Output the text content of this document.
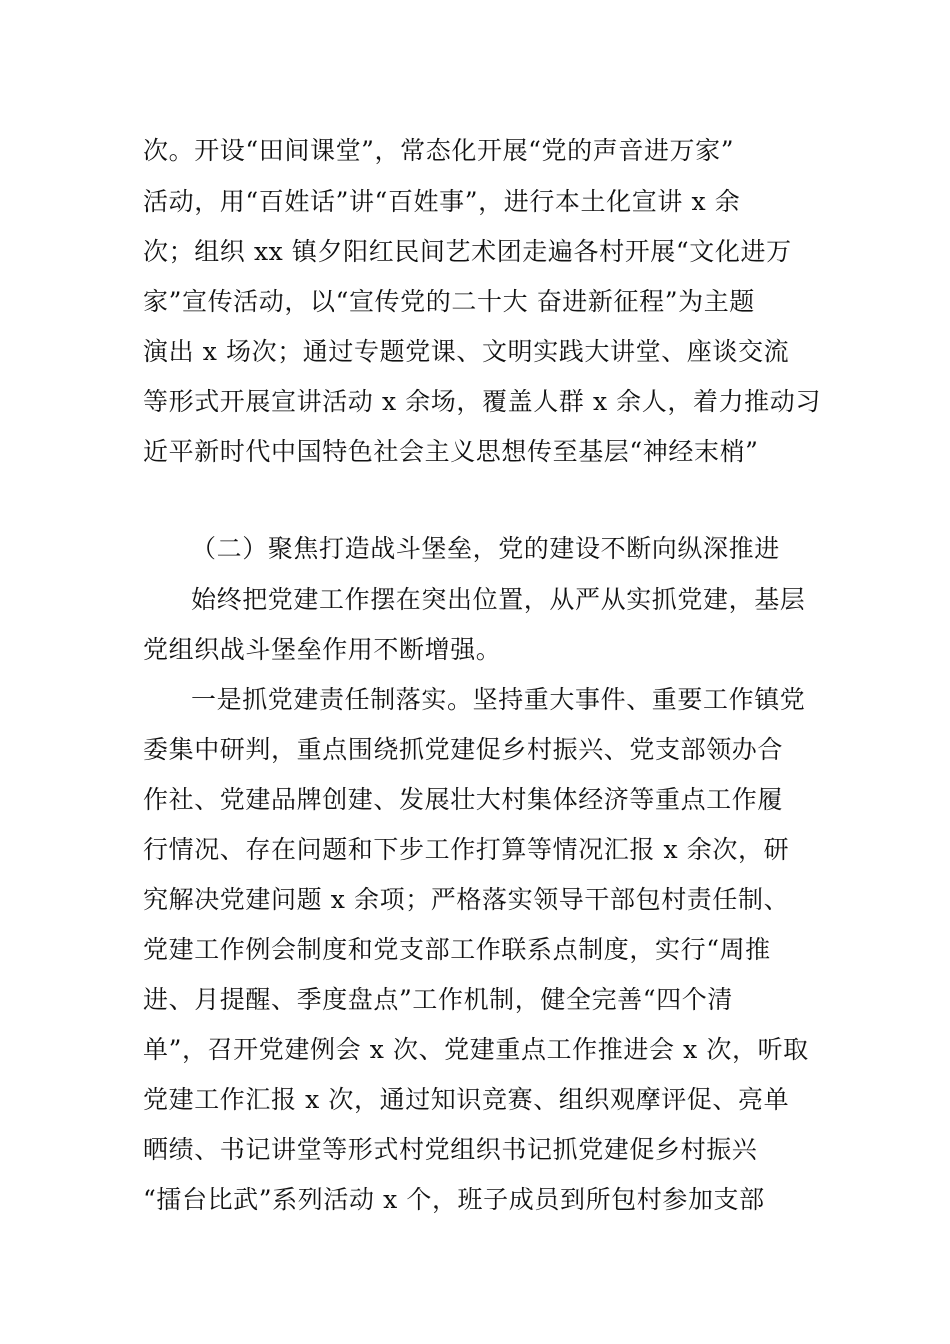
次。开设“田间课堂”，常态化开展“党的声音进万家”
活动，用“百姓话”讲“百姓事”，进行本土化宣讲 x 余
次；组织 xx 镇夕阳红民间艺术团走遍各村开展“文化进万
家”宣传活动，以“宣传党的二十大 奋进新征程”为主题
演出 x 场次；通过专题党课、文明实践大讲堂、座谈交流
等形式开展宣讲活动 x 余场，覆盖人群 x 余人，着力推动习
近平新时代中国特色社会主义思想传至基层“神经末梢”
（二）聚焦打造战斗堡垒，党的建设不断向纵深推进
始终把党建工作摆在突出位置，从严从实抓党建，基层
党组织战斗堡垒作用不断增强。
一是抓党建责任制落实。坚持重大事件、重要工作镇党
委集中研判，重点围绕抓党建促乡村振兴、党支部领办合
作社、党建品牌创建、发展壮大村集体经济等重点工作履
行情况、存在问题和下步工作打算等情况汇报 x 余次，研
究解决党建问题 x 余项；严格落实领导干部包村责任制、
党建工作例会制度和党支部工作联系点制度，实行“周推
进、月提醒、季度盘点”工作机制，健全完善“四个清
单”，召开党建例会 x 次、党建重点工作推进会 x 次，听取
党建工作汇报 x 次，通过知识竞赛、组织观摩评促、亮单
晒绩、书记讲堂等形式村党组织书记抓党建促乡村振兴
“擂台比武”系列活动 x 个，班子成员到所包村参加支部
